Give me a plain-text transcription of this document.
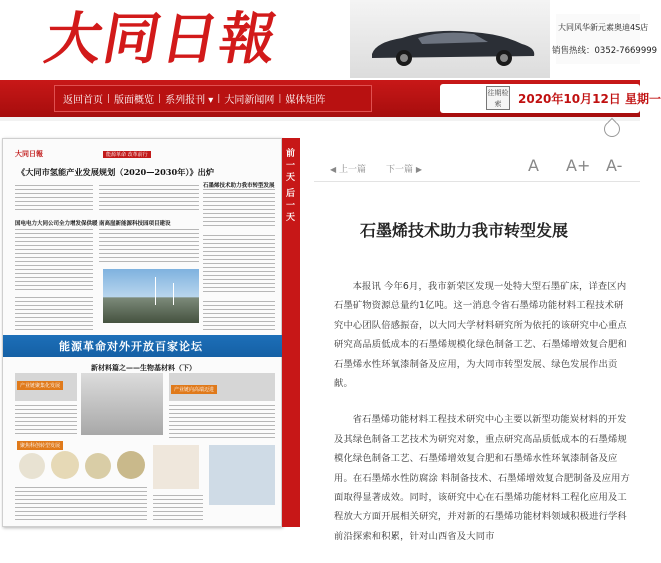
大同日報	大同风华新元素奥迪4S店
销售热线：0352-7669999
返回首页 | 版面概览 | 系列报刊 ▾ | 大同新闻网 | 媒体矩阵
往期检索	2020年10月12日 星期一
大同日報	能源革命 改革前行
《大同市氢能产业发展规划（2020—2030年）》出炉
石墨烯技术助力我市转型发展
国电电力大同公司全力增发保供暖 南高崖新能源科技园项目建设
能源革命对外开放百家论坛
新材料篇之——生物基材料（下）
产业链聚集化发展
产业链向高端迈进
聚焦科创转型发展
前
一
天
后
一
天
◀ 上一篇 下一篇 ▶	A A+ A-
石墨烯技术助力我市转型发展

本报讯 今年6月，我市新荣区发现一处特大型石墨矿床，详查区内石墨矿物资源总量约1亿吨。这一消息令省石墨烯功能材料工程技术研究中心团队倍感振奋，以大同大学材料研究所为依托的该研究中心重点研究高品质低成本的石墨烯规模化绿色制备工艺、石墨烯增效复合肥和石墨烯水性环氧漆制备及应用，为大同市转型发展、绿色发展作出贡献。

省石墨烯功能材料工程技术研究中心主要以新型功能炭材料的开发及其绿色制备工艺技术为研究对象，重点研究高品质低成本的石墨烯规模化绿色制备工艺、石墨烯增效复合肥和石墨烯水性环氧漆制备及应用。在石墨烯水性防腐涂 料制备技术、石墨烯增效复合肥制备及应用方面取得显著成效。同时，该研究中心在石墨烯功能材料工程化应用及工程放大方面开展相关研究，并对新的石墨烯功能材料领域积极进行学科前沿探索和积累，针对山西省及大同市
